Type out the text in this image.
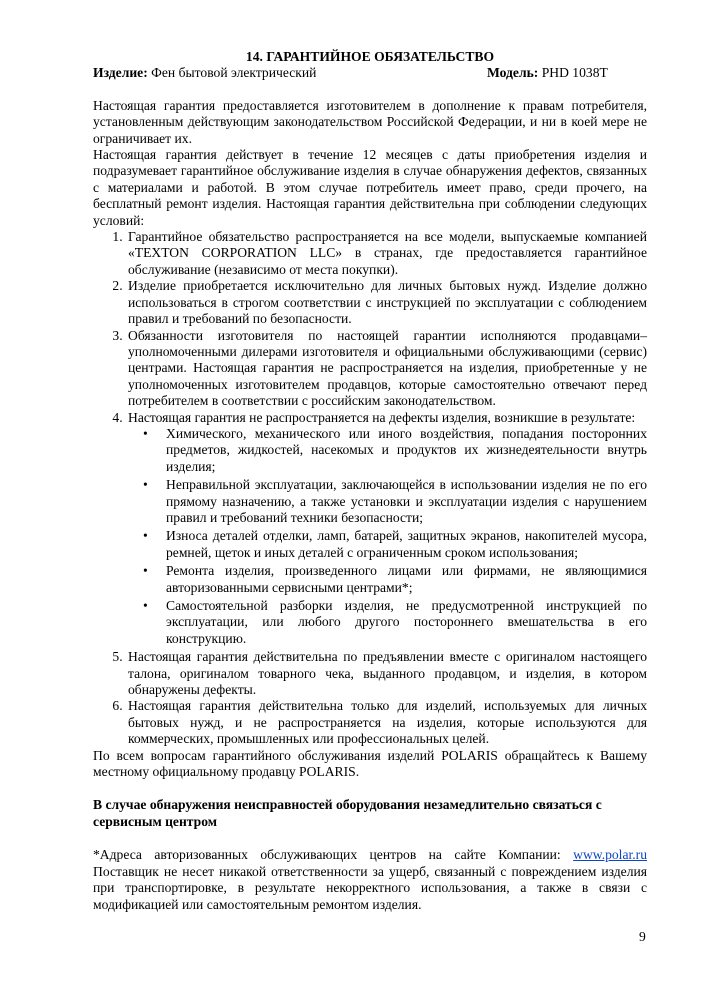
14. ГАРАНТИЙНОЕ ОБЯЗАТЕЛЬСТВО

Изделие: Фен бытовой электрический	Модель: PHD 1038T

Настоящая гарантия предоставляется изготовителем в дополнение к правам потребителя, установленным действующим законодательством Российской Федерации, и ни в коей мере не ограничивает их.

Настоящая гарантия действует в течение 12 месяцев с даты приобретения изделия и подразумевает гарантийное обслуживание изделия в случае обнаружения дефектов, связанных с материалами и работой. В этом случае потребитель имеет право, среди прочего, на бесплатный ремонт изделия. Настоящая гарантия действительна при соблюдении следующих условий:

1. Гарантийное обязательство распространяется на все модели, выпускаемые компанией «TEXTON CORPORATION LLC» в странах, где предоставляется гарантийное обслуживание (независимо от места покупки).
2. Изделие приобретается исключительно для личных бытовых нужд. Изделие должно использоваться в строгом соответствии с инструкцией по эксплуатации с соблюдением правил и требований по безопасности.
3. Обязанности изготовителя по настоящей гарантии исполняются продавцами– уполномоченными дилерами изготовителя и официальными обслуживающими (сервис) центрами. Настоящая гарантия не распространяется на изделия, приобретенные у не уполномоченных изготовителем продавцов, которые самостоятельно отвечают перед потребителем в соответствии с российским законодательством.
4. Настоящая гарантия не распространяется на дефекты изделия, возникшие в результате:
• Химического, механического или иного воздействия, попадания посторонних предметов, жидкостей, насекомых и продуктов их жизнедеятельности внутрь изделия;
• Неправильной эксплуатации, заключающейся в использовании изделия не по его прямому назначению, а также установки и эксплуатации изделия с нарушением правил и требований техники безопасности;
• Износа деталей отделки, ламп, батарей, защитных экранов, накопителей мусора, ремней, щеток и иных деталей с ограниченным сроком использования;
• Ремонта изделия, произведенного лицами или фирмами, не являющимися авторизованными сервисными центрами*;
• Самостоятельной разборки изделия, не предусмотренной инструкцией по эксплуатации, или любого другого постороннего вмешательства в его конструкцию.
5. Настоящая гарантия действительна по предъявлении вместе с оригиналом настоящего талона, оригиналом товарного чека, выданного продавцом, и изделия, в котором обнаружены дефекты.
6. Настоящая гарантия действительна только для изделий, используемых для личных бытовых нужд, и не распространяется на изделия, которые используются для коммерческих, промышленных или профессиональных целей.

По всем вопросам гарантийного обслуживания изделий POLARIS обращайтесь к Вашему местному официальному продавцу POLARIS.

В случае обнаружения неисправностей оборудования незамедлительно связаться с сервисным центром

*Адреса авторизованных обслуживающих центров на сайте Компании: www.polar.ru Поставщик не несет никакой ответственности за ущерб, связанный с повреждением изделия при транспортировке, в результате некорректного использования, а также в связи с модификацией или самостоятельным ремонтом изделия.

9
